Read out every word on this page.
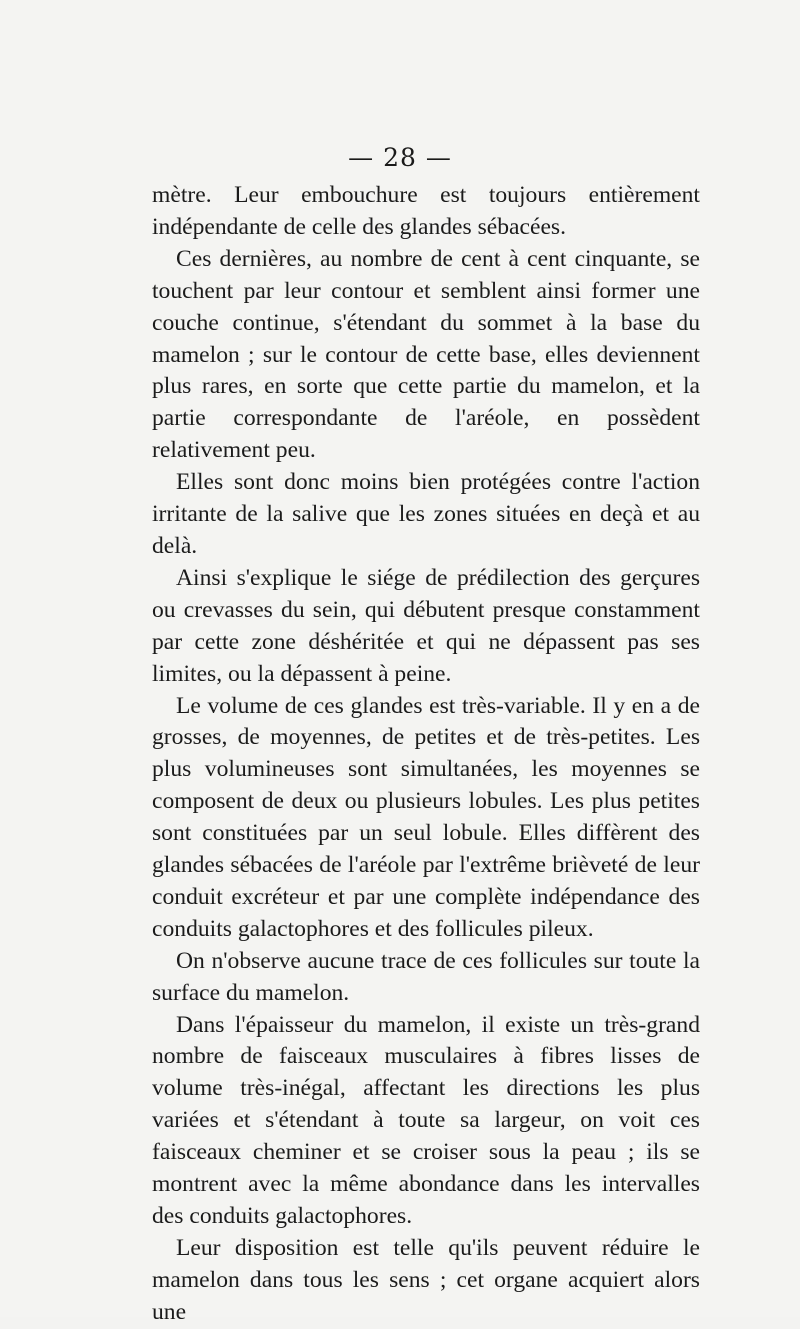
— 28 —

mètre. Leur embouchure est toujours entièrement indépendante de celle des glandes sébacées.

Ces dernières, au nombre de cent à cent cinquante, se touchent par leur contour et semblent ainsi former une couche continue, s'étendant du sommet à la base du mamelon ; sur le contour de cette base, elles deviennent plus rares, en sorte que cette partie du mamelon, et la partie correspondante de l'aréole, en possèdent relativement peu.

Elles sont donc moins bien protégées contre l'action irritante de la salive que les zones situées en deçà et au delà.

Ainsi s'explique le siége de prédilection des gerçures ou crevasses du sein, qui débutent presque constamment par cette zone déshéritée et qui ne dépassent pas ses limites, ou la dépassent à peine.

Le volume de ces glandes est très-variable. Il y en a de grosses, de moyennes, de petites et de très-petites. Les plus volumineuses sont simultanées, les moyennes se composent de deux ou plusieurs lobules. Les plus petites sont constituées par un seul lobule. Elles diffèrent des glandes sébacées de l'aréole par l'extrême brièveté de leur conduit excréteur et par une complète indépendance des conduits galactophores et des follicules pileux.

On n'observe aucune trace de ces follicules sur toute la surface du mamelon.

Dans l'épaisseur du mamelon, il existe un très-grand nombre de faisceaux musculaires à fibres lisses de volume très-inégal, affectant les directions les plus variées et s'étendant à toute sa largeur, on voit ces faisceaux cheminer et se croiser sous la peau ; ils se montrent avec la même abondance dans les intervalles des conduits galactophores.

Leur disposition est telle qu'ils peuvent réduire le mamelon dans tous les sens ; cet organe acquiert alors une
